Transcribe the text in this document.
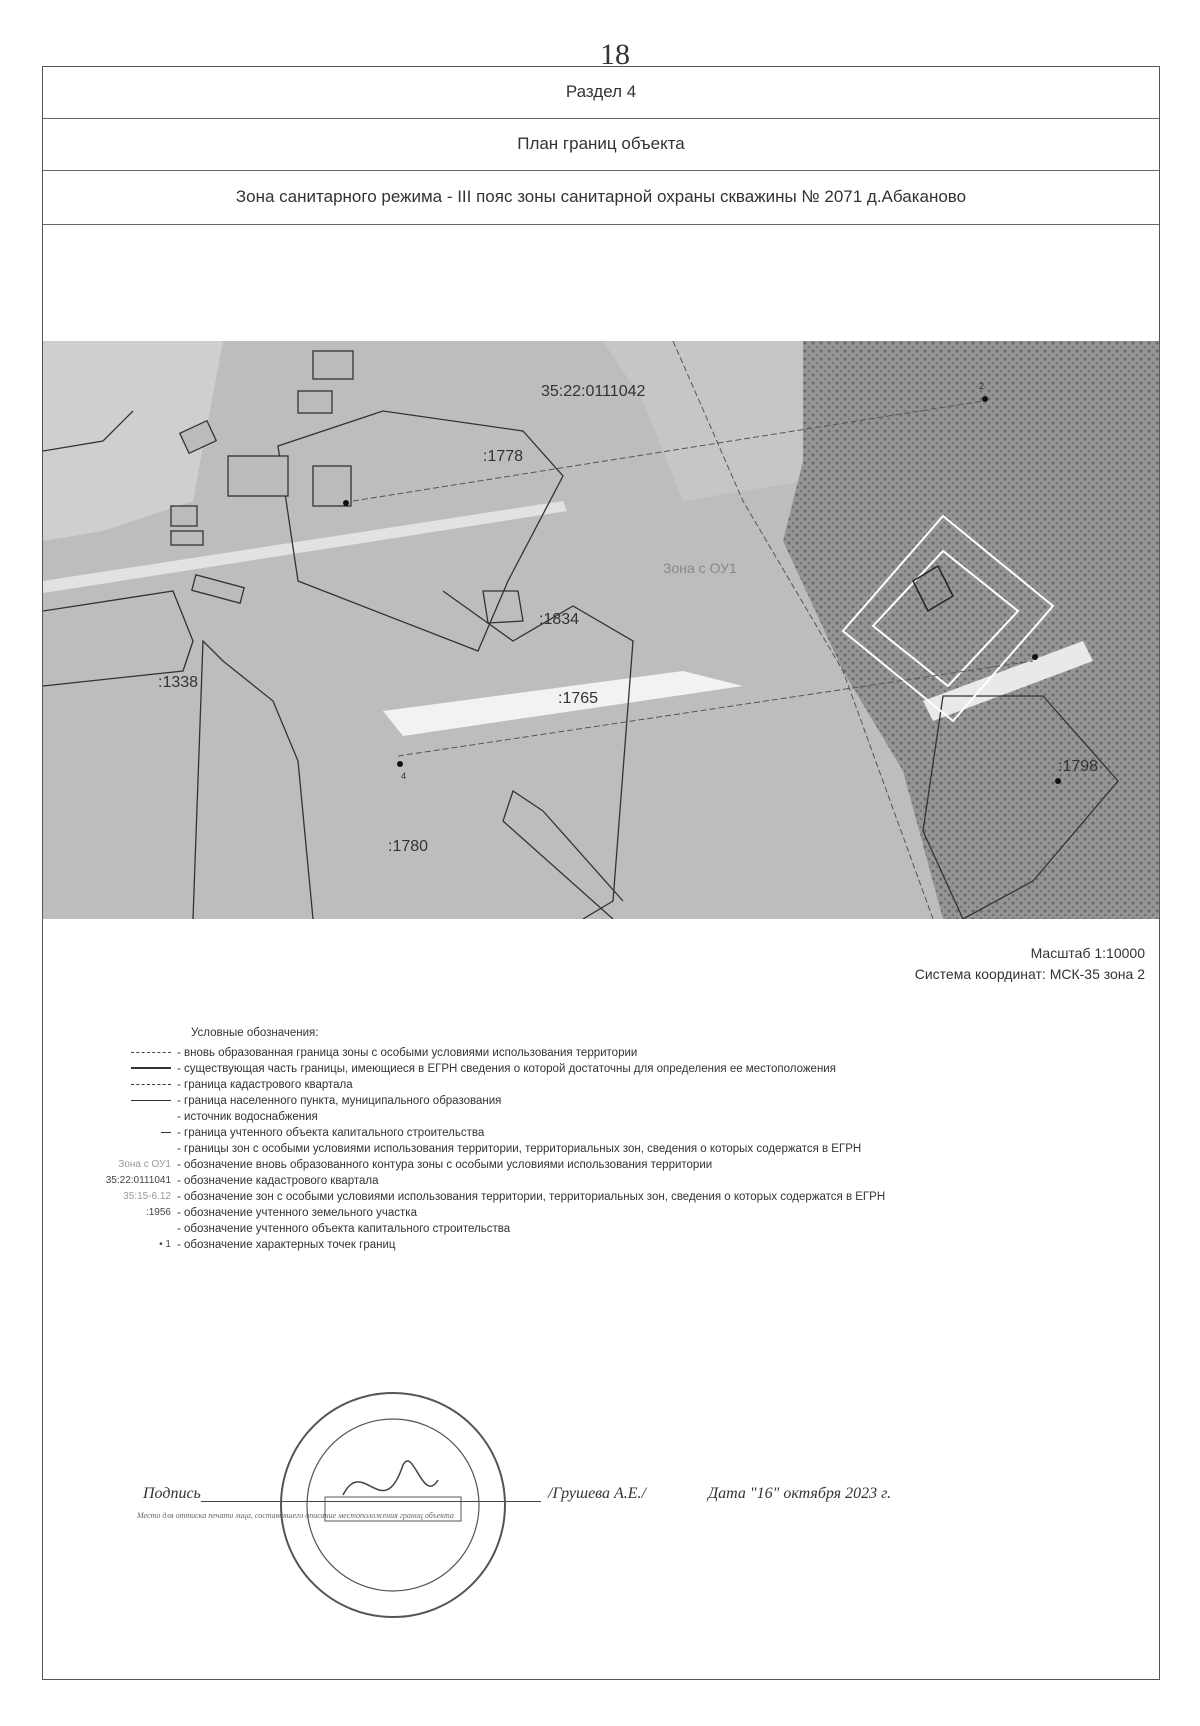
18
Раздел 4
План границ объекта
Зона санитарного режима - III пояс зоны санитарной охраны скважины № 2071 д.Абаканово
35:22:0111042
:1778
:1834
Зона с ОУ1
:1338
:1765
:1798
:1780
2
4
Масштаб 1:10000
Система координат: МСК-35 зона 2
Условные обозначения:
- вновь образованная граница зоны с особыми условиями использования территории
- существующая часть границы, имеющиеся в ЕГРН сведения о которой достаточны для определения ее местоположения
- граница кадастрового квартала
- граница населенного пункта, муниципального образования
- источник водоснабжения
- граница учтенного объекта капитального строительства
- границы зон с особыми условиями использования территории, территориальных зон, сведения о которых содержатся в ЕГРН
Зона с ОУ1 - обозначение вновь образованного контура зоны с особыми условиями использования территории
35:22:0111041 - обозначение кадастрового квартала
35:15-6.12 - обозначение зон с особыми условиями использования территории, территориальных зон, сведения о которых содержатся в ЕГРН
:1956 - обозначение учтенного земельного участка
- обозначение учтенного объекта капитального строительства
• 1 - обозначение характерных точек границ
Подпись	/Грушева А.Е./	Дата "16" октября 2023 г.
Место для оттиска печати лица, составившего описание местоположения границ объекта
